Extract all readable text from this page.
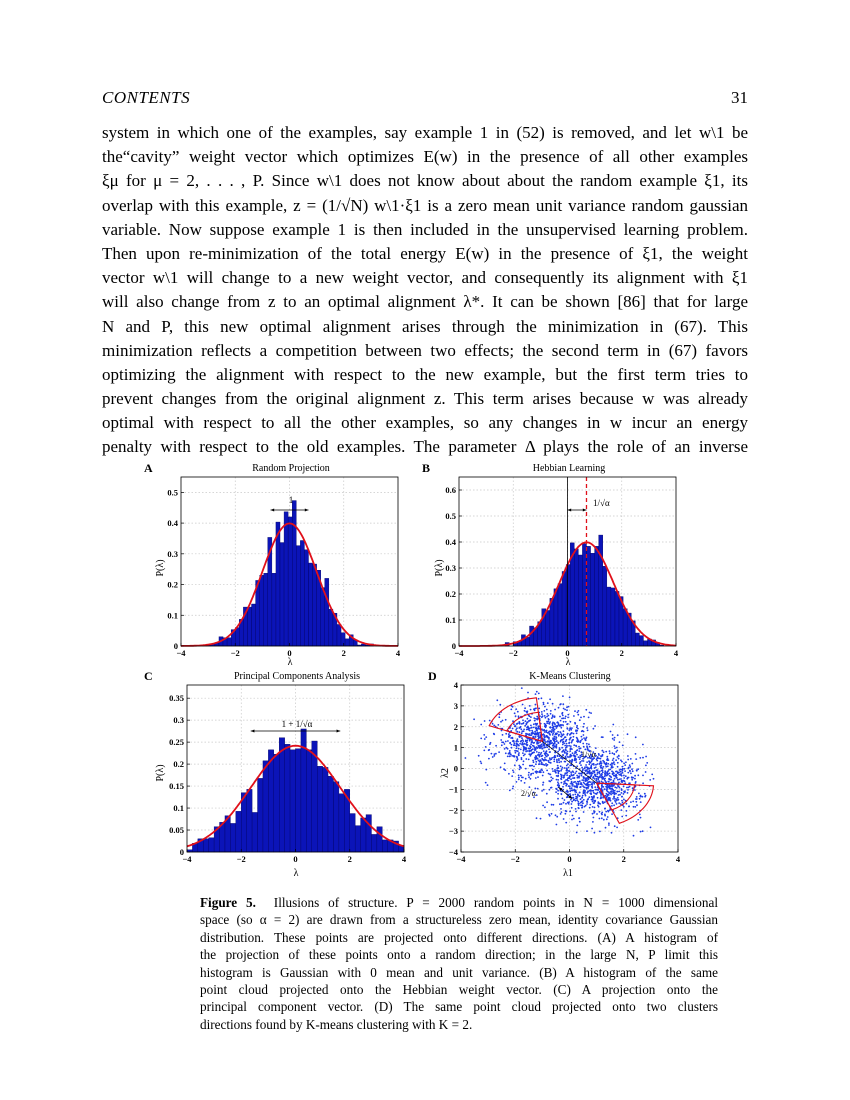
CONTENTS	31
system in which one of the examples, say example 1 in (52) is removed, and let w\1 be
the“cavity” weight vector which optimizes E(w) in the presence of all other examples
ξμ for μ = 2, . . . , P. Since w\1 does not know about about the random example ξ1, its
overlap with this example, z = (1/√N) w\1·ξ1 is a zero mean unit variance random gaussian
variable. Now suppose example 1 is then included in the unsupervised learning problem.
Then upon re-minimization of the total energy E(w) in the presence of ξ1, the weight
vector w\1 will change to a new weight vector, and consequently its alignment with ξ1
will also change from z to an optimal alignment λ*. It can be shown [86] that for large
N and P, this new optimal alignment arises through the minimization in (67). This
minimization reflects a competition between two effects; the second term in (67) favors
optimizing the alignment with respect to the new example, but the first term tries to
prevent changes from the original alignment z. This term arises because w was already
optimal with respect to all the other examples, so any changes in w incur an energy
penalty with respect to the old examples. The parameter Δ plays the role of an inverse
A	Random Projection
−4	−2	0	2	4
0
0.1
0.2
0.3
0.4
0.5
λ
P(λ)
1
B	Hebbian Learning
−4	−2	0	2	4
0
0.1
0.2
0.3
0.4
0.5
0.6
λ
P(λ)
1/√α
C	Principal Components Analysis
−4	−2	0	2	4
0
0.05
0.1
0.15
0.2
0.25
0.3
0.35
λ
P(λ)
1 + 1/√α
D	K-Means Clustering
−4	−2	0	2	4
−4
−3
−2
−1
0
1
2
3
4
λ1
λ2
1/√α
2/√α
Figure 5. Illusions of structure. P = 2000 random points in N = 1000 dimensional
space (so α = 2) are drawn from a structureless zero mean, identity covariance Gaussian
distribution. These points are projected onto different directions. (A) A histogram of
the projection of these points onto a random direction; in the large N, P limit this
histogram is Gaussian with 0 mean and unit variance. (B) A histogram of the same
point cloud projected onto the Hebbian weight vector. (C) A projection onto the
principal component vector. (D) The same point cloud projected onto two clusters
directions found by K-means clustering with K = 2.
